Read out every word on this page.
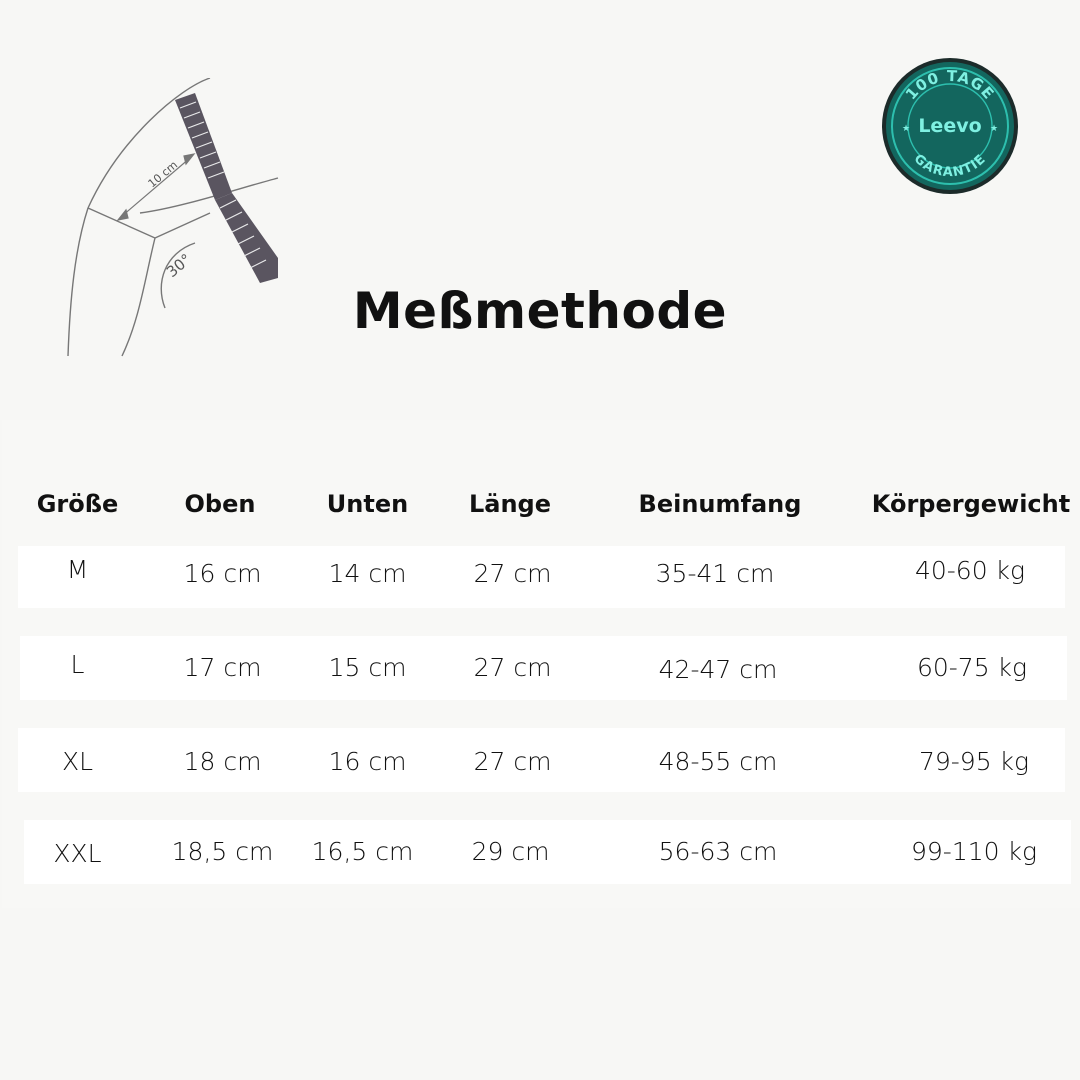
10 cm
30°
100 TAGE
Leevo
★	★
GARANTIE
Meßmethode
Größe	Oben	Unten	Länge	Beinumfang	Körpergewicht
M	16 cm	14 cm	27 cm	35-41 cm	40-60 kg
L	17 cm	15 cm	27 cm	42-47 cm	60-75 kg
XL	18 cm	16 cm	27 cm	48-55 cm	79-95 kg
XXL	18,5 cm	16,5 cm	29 cm	56-63 cm	99-110 kg
